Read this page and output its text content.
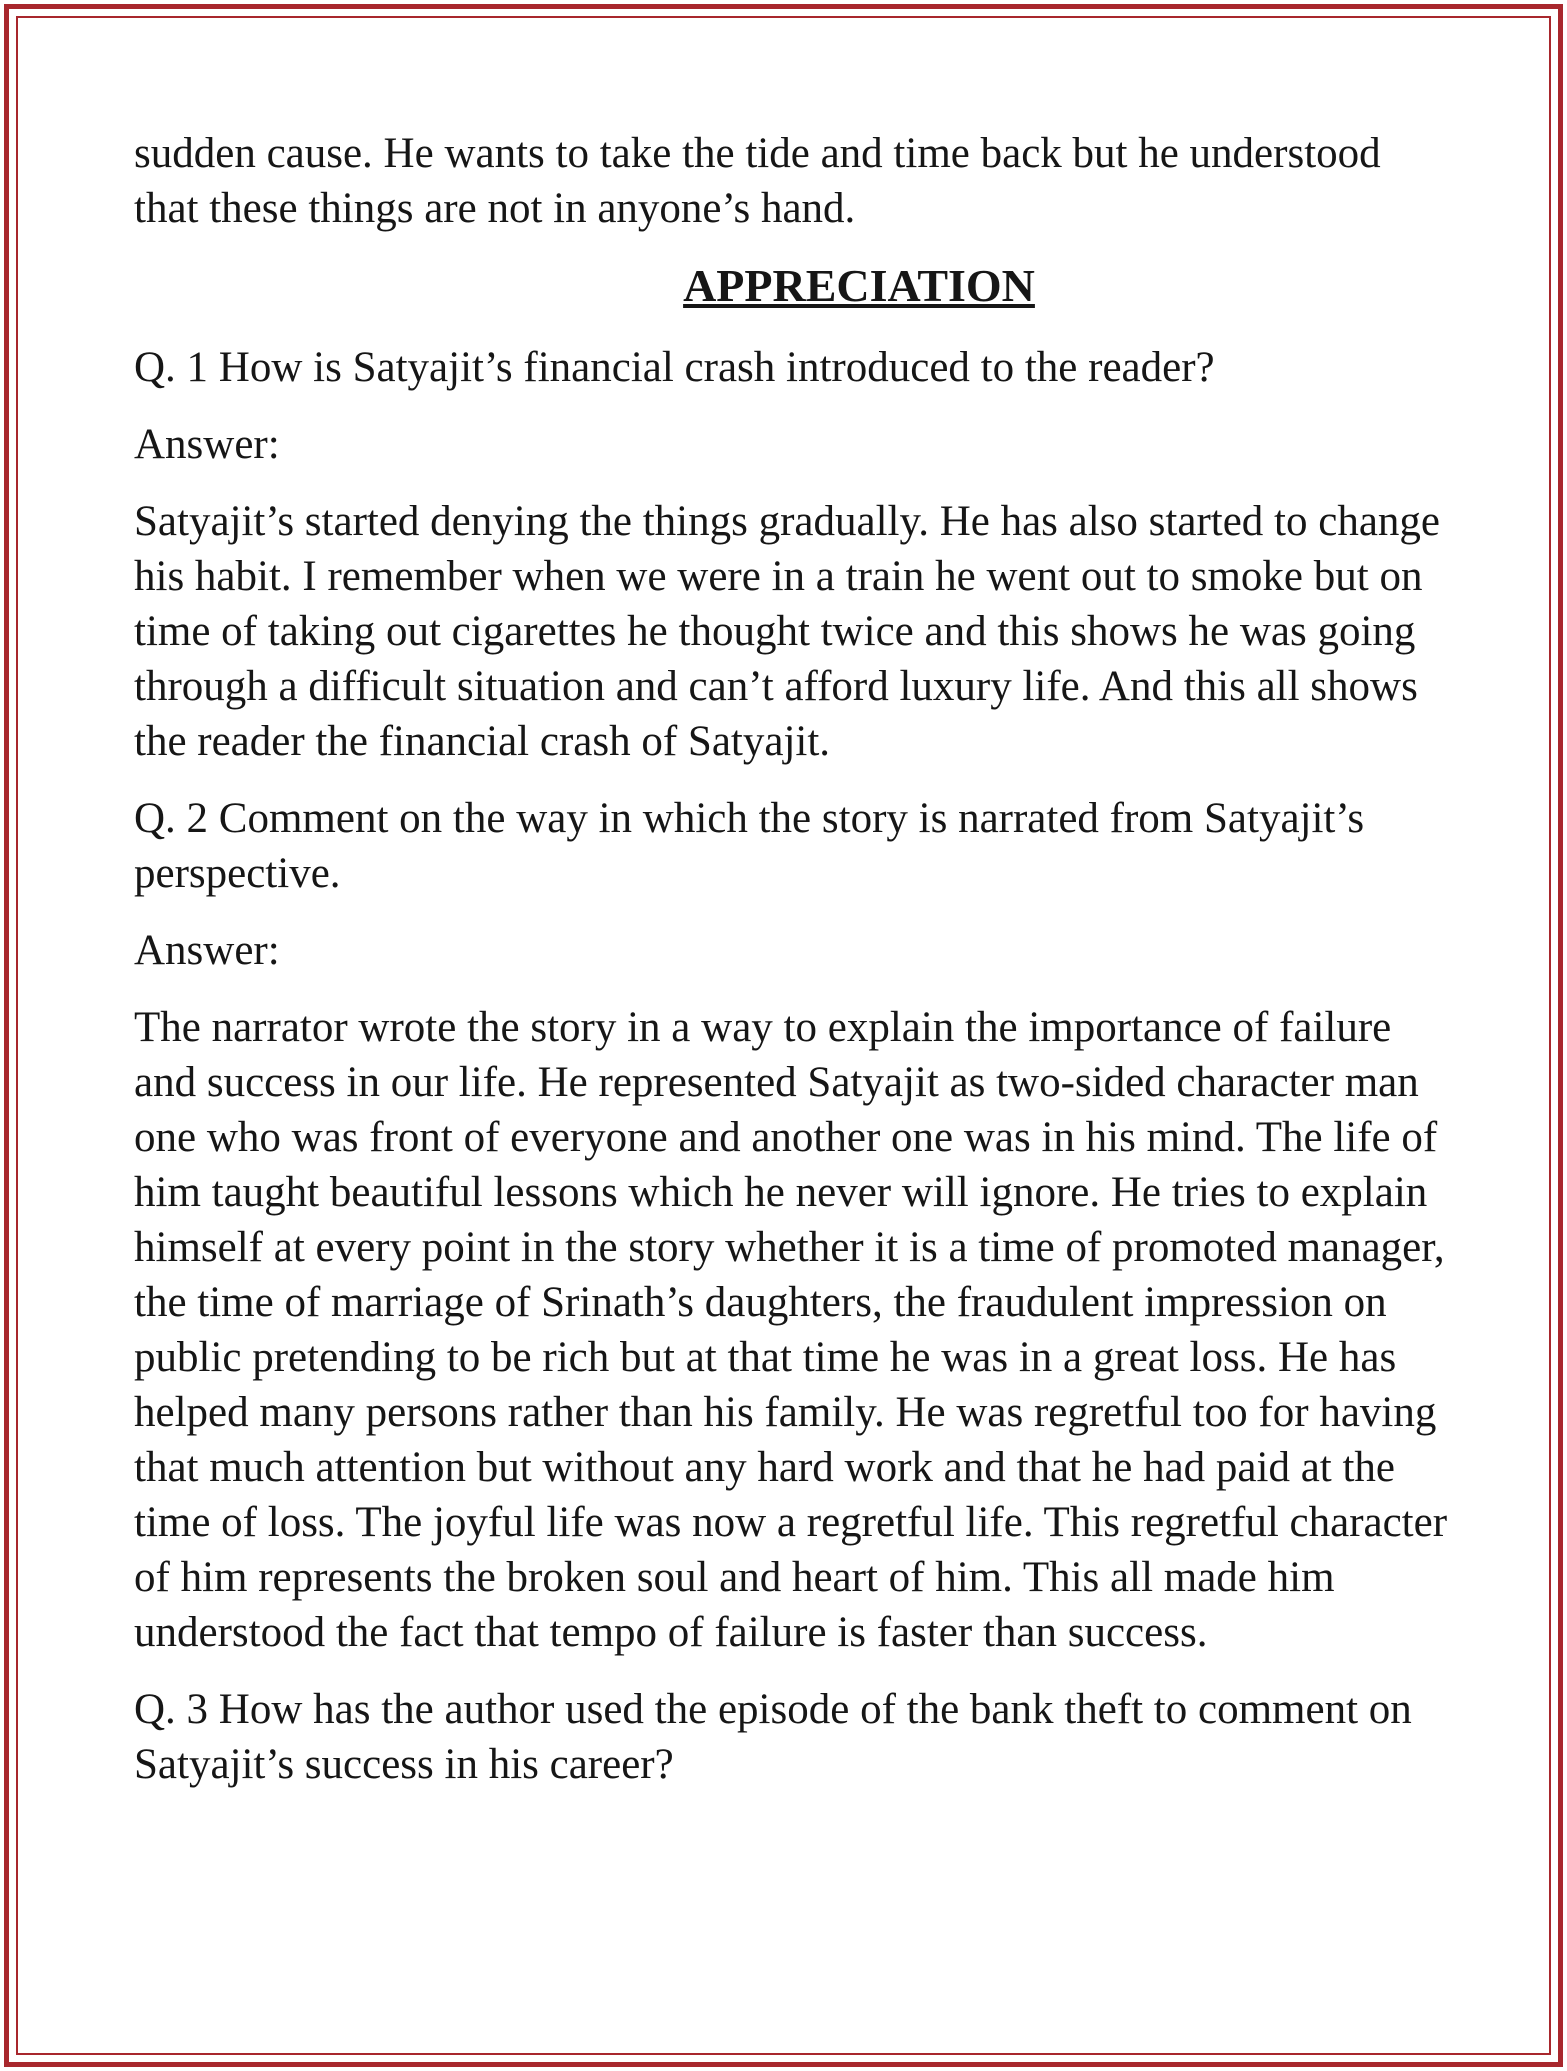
sudden cause. He wants to take the tide and time back but he understood that these things are not in anyone’s hand.

APPRECIATION

Q. 1 How is Satyajit’s financial crash introduced to the reader?

Answer:

Satyajit’s started denying the things gradually. He has also started to change his habit. I remember when we were in a train he went out to smoke but on time of taking out cigarettes he thought twice and this shows he was going through a difficult situation and can’t afford luxury life. And this all shows the reader the financial crash of Satyajit.

Q. 2 Comment on the way in which the story is narrated from Satyajit’s perspective.

Answer:

The narrator wrote the story in a way to explain the importance of failure and success in our life. He represented Satyajit as two-sided character man one who was front of everyone and another one was in his mind. The life of him taught beautiful lessons which he never will ignore. He tries to explain himself at every point in the story whether it is a time of promoted manager, the time of marriage of Srinath’s daughters, the fraudulent impression on public pretending to be rich but at that time he was in a great loss. He has helped many persons rather than his family. He was regretful too for having that much attention but without any hard work and that he had paid at the time of loss. The joyful life was now a regretful life. This regretful character of him represents the broken soul and heart of him. This all made him understood the fact that tempo of failure is faster than success.

Q. 3 How has the author used the episode of the bank theft to comment on Satyajit’s success in his career?
